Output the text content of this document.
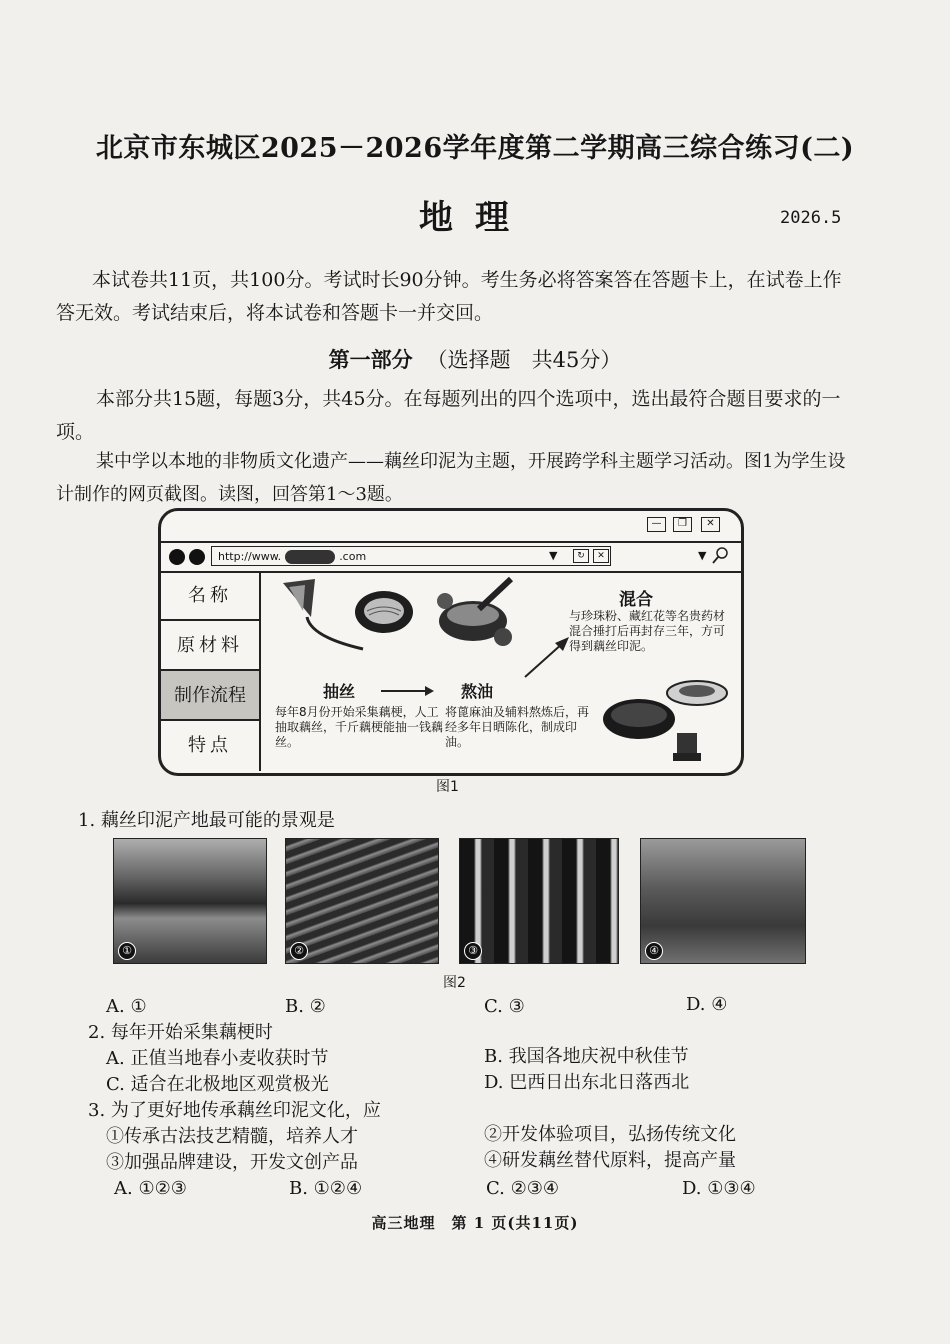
北京市东城区2025－2026学年度第二学期高三综合练习(二)
地理	2026.5
本试卷共11页，共100分。考试时长90分钟。考生务必将答案答在答题卡上，在试卷上作答无效。考试结束后，将本试卷和答题卡一并交回。
第一部分 （选择题　共45分）
本部分共15题，每题3分，共45分。在每题列出的四个选项中，选出最符合题目要求的一项。
某中学以本地的非物质文化遗产——藕丝印泥为主题，开展跨学科主题学习活动。图1为学生设计制作的网页截图。读图，回答第1～3题。
—	❐	✕
http://www.	.com	▼	↻	✕	▼
名称
原材料
制作流程
特点
抽丝	熬油
混合
每年8月份开始采集藕梗，人工抽取藕丝，千斤藕梗能抽一钱藕丝。
将蓖麻油及辅料熬炼后，再经多年日晒陈化，制成印油。
与珍珠粉、藏红花等名贵药材混合捶打后再封存三年，方可得到藕丝印泥。
图1
1. 藕丝印泥产地最可能的景观是
①	②	③	④
图2
A. ①	B. ②	C. ③	D. ④
2. 每年开始采集藕梗时
A. 正值当地春小麦收获时节	B. 我国各地庆祝中秋佳节
C. 适合在北极地区观赏极光	D. 巴西日出东北日落西北
3. 为了更好地传承藕丝印泥文化，应
①传承古法技艺精髓，培养人才	②开发体验项目，弘扬传统文化
③加强品牌建设，开发文创产品	④研发藕丝替代原料，提高产量
A. ①②③	B. ①②④	C. ②③④	D. ①③④
高三地理　第 1 页(共11页)
